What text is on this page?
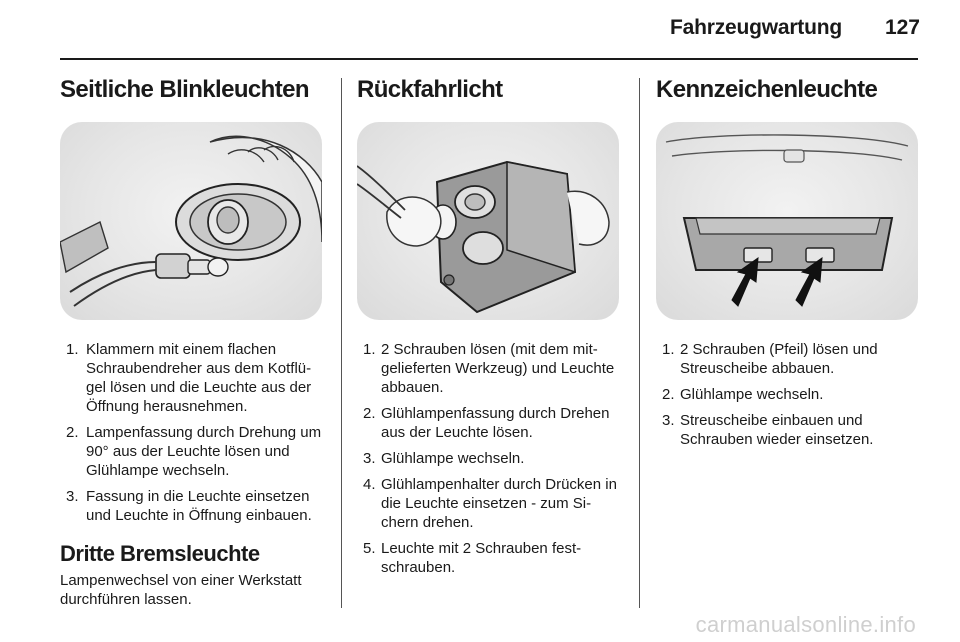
Fahrzeugwartung 127
Seitliche Blinkleuchten
1. Klammern mit einem flachen Schraubendreher aus dem Kotflügel lösen und die Leuchte aus der Öffnung herausnehmen.
2. Lampenfassung durch Drehung um 90° aus der Leuchte lösen und Glühlampe wechseln.
3. Fassung in die Leuchte einsetzen und Leuchte in Öffnung einbauen.
Dritte Bremsleuchte

Lampenwechsel von einer Werkstatt durchführen lassen.

Rückfahrlicht
1. 2 Schrauben lösen (mit dem mitgelieferten Werkzeug) und Leuchte abbauen.
2. Glühlampenfassung durch Drehen aus der Leuchte lösen.
3. Glühlampe wechseln.
4. Glühlampenhalter durch Drücken in die Leuchte einsetzen - zum Sichern drehen.
5. Leuchte mit 2 Schrauben festschrauben.
Kennzeichenleuchte
1. 2 Schrauben (Pfeil) lösen und Streuscheibe abbauen.
2. Glühlampe wechseln.
3. Streuscheibe einbauen und Schrauben wieder einsetzen.
carmanualsonline.info
